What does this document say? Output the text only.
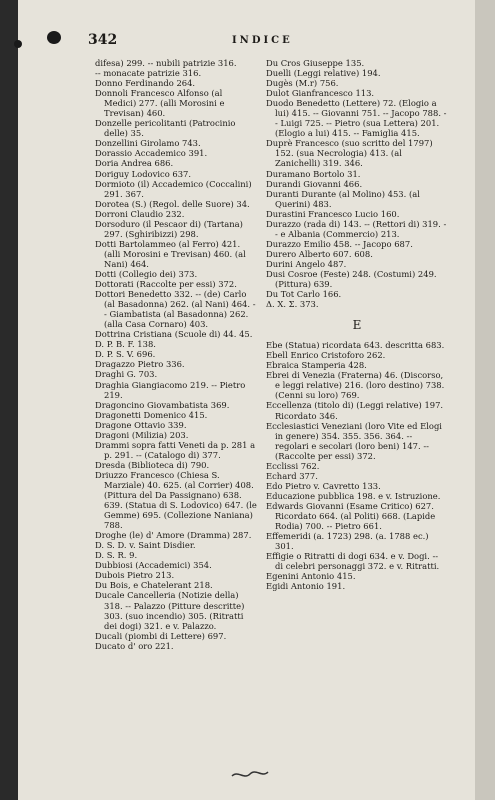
342	INDICE

difesa) 299. -- nubili patrizie 316.

-- monacate patrizie 316.

Donno Ferdinando 264.

Donnoli Francesco Alfonso (al Medici) 277. (alli Morosini e Trevisan) 460.

Donzelle pericolitanti (Patrocinio delle) 35.

Donzellini Girolamo 743.

Dorassio Accademico 391.

Doria Andrea 686.

Doriguy Lodovico 637.

Dormioto (il) Accademico (Coccalini) 291. 367.

Dorotea (S.) (Regol. delle Suore) 34.

Dorroni Claudio 232.

Dorsoduro (il Pescaor di) (Tartana) 297. (Sghiribizzi) 298.

Dotti Bartolammeo (al Ferro) 421. (alli Morosini e Trevisan) 460. (al Nani) 464.

Dotti (Collegio dei) 373.

Dottorati (Raccolte per essi) 372.

Dottori Benedetto 332. -- (de) Carlo (al Basadonna) 262. (al Nani) 464. -- Giambatista (al Basadonna) 262. (alla Casa Cornaro) 403.

Dottrina Cristiana (Scuole di) 44. 45.

D. P. B. F. 138.

D. P. S. V. 696.

Dragazzo Pietro 336.

Draghi G. 703.

Draghia Giangiacomo 219. -- Pietro 219.

Dragoncino Giovambatista 369.

Dragonetti Domenico 415.

Dragone Ottavio 339.

Dragoni (Milizia) 203.

Drammi sopra fatti Veneti da p. 281 a p. 291. -- (Catalogo di) 377.

Dresda (Biblioteca di) 790.

Driuzzo Francesco (Chiesa S. Marziale) 40. 625. (al Corrier) 408. (Pittura del Da Passignano) 638. 639. (Statua di S. Lodovico) 647. (le Gemme) 695. (Collezione Naniana) 788.

Droghe (le) d' Amore (Dramma) 287.

D. S. D. v. Saint Disdier.

D. S. R. 9.

Dubbiosi (Accademici) 354.

Dubois Pietro 213.

Du Bois, e Chatelerant 218.

Ducale Cancelleria (Notizie della) 318. -- Palazzo (Pitture descritte) 303. (suo incendio) 305. (Ritratti dei dogi) 321. e v. Palazzo.

Ducali (piombi di Lettere) 697.

Ducato d' oro 221.

Du Cros Giuseppe 135.

Duelli (Leggi relative) 194.

Dugès (M.r) 756.

Dulot Gianfrancesco 113.

Duodo Benedetto (Lettere) 72. (Elogio a lui) 415. -- Giovanni 751. -- Jacopo 788. -- Luigi 725. -- Pietro (sua Lettera) 201. (Elogio a lui) 415. -- Famiglia 415.

Duprè Francesco (suo scritto del 1797) 152. (sua Necrologia) 413. (al Zanichelli) 319. 346.

Duramano Bortolo 31.

Durandi Giovanni 466.

Duranti Durante (al Molino) 453. (al Querini) 483.

Durastini Francesco Lucio 160.

Durazzo (rada di) 143. -- (Rettori di) 319. -- e Albania (Commercio) 213.

Durazzo Emilio 458. -- Jacopo 687.

Durero Alberto 607. 608.

Durini Angelo 487.

Dusi Cosroe (Feste) 248. (Costumi) 249. (Pittura) 639.

Du Tot Carlo 166.

Δ. Χ. Σ. 373.

E

Ebe (Statua) ricordata 643. descritta 683.

Ebell Enrico Cristoforo 262.

Ebraica Stamperia 428.

Ebrei di Venezia (Fraterna) 46. (Discorso, e leggi relative) 216. (loro destino) 738. (Cenni su loro) 769.

Eccellenza (titolo di) (Leggi relative) 197. Ricordato 346.

Ecclesiastici Veneziani (loro Vite ed Elogi in genere) 354. 355. 356. 364. -- regolari e secolari (loro beni) 147. -- (Raccolte per essi) 372.

Ecclissi 762.

Echard 377.

Edo Pietro v. Cavretto 133.

Educazione pubblica 198. e v. Istruzione.

Edwards Giovanni (Esame Critico) 627. Ricordato 664. (al Politi) 668. (Lapide Rodia) 700. -- Pietro 661.

Effemeridi (a. 1723) 298. (a. 1788 ec.) 301.

Effigie o Ritratti di dogi 634. e v. Dogi. -- di celebri personaggi 372. e v. Ritratti.

Egenini Antonio 415.

Egidi Antonio 191.
